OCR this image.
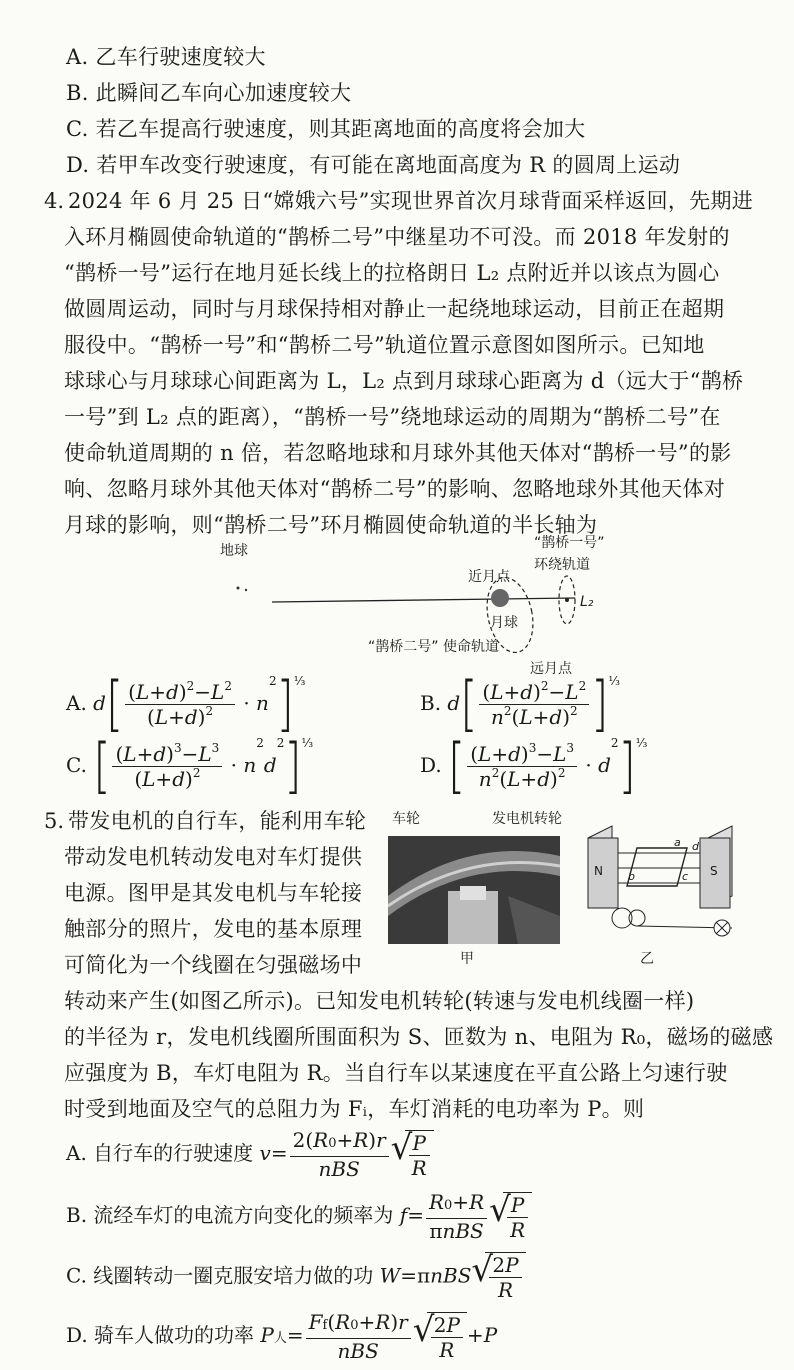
A. 乙车行驶速度较大
B. 此瞬间乙车向心加速度较大
C. 若乙车提高行驶速度，则其距离地面的高度将会加大
D. 若甲车改变行驶速度，有可能在离地面高度为 R 的圆周上运动
4. 2024 年 6 月 25 日“嫦娥六号”实现世界首次月球背面采样返回，先期进
入环月椭圆使命轨道的“鹊桥二号”中继星功不可没。而 2018 年发射的
“鹊桥一号”运行在地月延长线上的拉格朗日 L₂ 点附近并以该点为圆心
做圆周运动，同时与月球保持相对静止一起绕地球运动，目前正在超期
服役中。“鹊桥一号”和“鹊桥二号”轨道位置示意图如图所示。已知地
球球心与月球球心间距离为 L，L₂ 点到月球球心距离为 d（远大于“鹊桥
一号”到 L₂ 点的距离），“鹊桥一号”绕地球运动的周期为“鹊桥二号”在
使命轨道周期的 n 倍，若忽略地球和月球外其他天体对“鹊桥一号”的影
响、忽略月球外其他天体对“鹊桥二号”的影响、忽略地球外其他天体对
月球的影响，则“鹊桥二号”环月椭圆使命轨道的半长轴为
地球	“鹊桥一号”
环绕轨道
近月点
月球
L₂
“鹊桥二号” 使命轨道
远月点
A. $d[ \frac{(L+d)^2-L^2}{(L+d)^2} \cdot n^2]^{\frac{1}{3}}$
B. $d[ \frac{(L+d)^2-L^2}{n^2(L+d)^2} ]^{\frac{1}{3}}$
C. [ $\frac{(L+d)^3-L^3}{(L+d)^2} \cdot n^2d^2]^{\frac{1}{3}}$
D. [ $\frac{(L+d)^3-L^3}{n^2(L+d)^2} \cdot d^2]^{\frac{1}{3}}$
5. 带发电机的自行车，能利用车轮
带动发电机转动发电对车灯提供
电源。图甲是其发电机与车轮接
触部分的照片，发电的基本原理
可简化为一个线圈在匀强磁场中
车轮	发电机转轮
甲
N	S
a
b	c
d
乙
转动来产生(如图乙所示)。已知发电机转轮(转速与发电机线圈一样)
的半径为 r，发电机线圈所围面积为 S、匝数为 n、电阻为 R₀，磁场的磁感
应强度为 B，车灯电阻为 R。当自行车以某速度在平直公路上匀速行驶
时受到地面及空气的总阻力为 Fᵢ，车灯消耗的电功率为 P。则
A. 自行车的行驶速度 $v= \frac{2(R0+R)r}{\text{nBS}}$ √
$\frac{P}{R}$
B. 流经车灯的电流方向变化的频率为 $f= \frac{R0+R}{\text{πnBS}}$ √
$\frac{P}{R}$
C. 线圈转动一圈克服安培力做的功 W=πnBS √
$\frac{2P}{R}$
D. 骑车人做功的功率 P人= $\frac{Ff(R0+R)r}{\text{nBS}}$ √
$\frac{2P}{R} +P$
